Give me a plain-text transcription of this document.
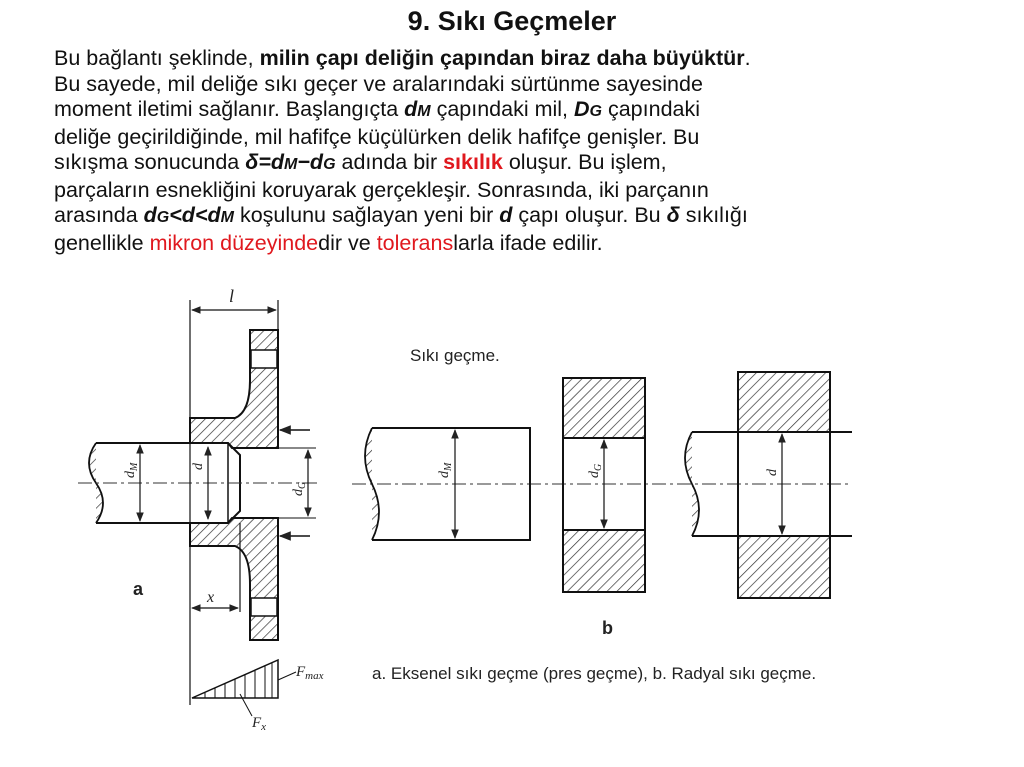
9. Sıkı Geçmeler
Bu bağlantı şeklinde, milin çapı deliğin çapından biraz daha büyüktür.
Bu sayede, mil deliğe sıkı geçer ve aralarındaki sürtünme sayesinde
moment iletimi sağlanır. Başlangıçta dM çapındaki mil, DG çapındaki
deliğe geçirildiğinde, mil hafifçe küçülürken delik hafifçe genişler. Bu
sıkışma sonucunda δ=dM−dG adında bir sıkılık oluşur. Bu işlem,
parçaların esnekliğini koruyarak gerçekleşir. Sonrasında, iki parçanın
arasında dG<d<dM koşulunu sağlayan yeni bir d çapı oluşur. Bu δ sıkılığı
genellikle mikron düzeyindedir ve toleranslarla ifade edilir.
l
x
$d_M$	d
$d_G$
$F_{max}$
$F_x$
a
Sıkı geçme.
$d_M$
$d_G$
d
b
a. Eksenel sıkı geçme (pres geçme), b. Radyal sıkı geçme.
